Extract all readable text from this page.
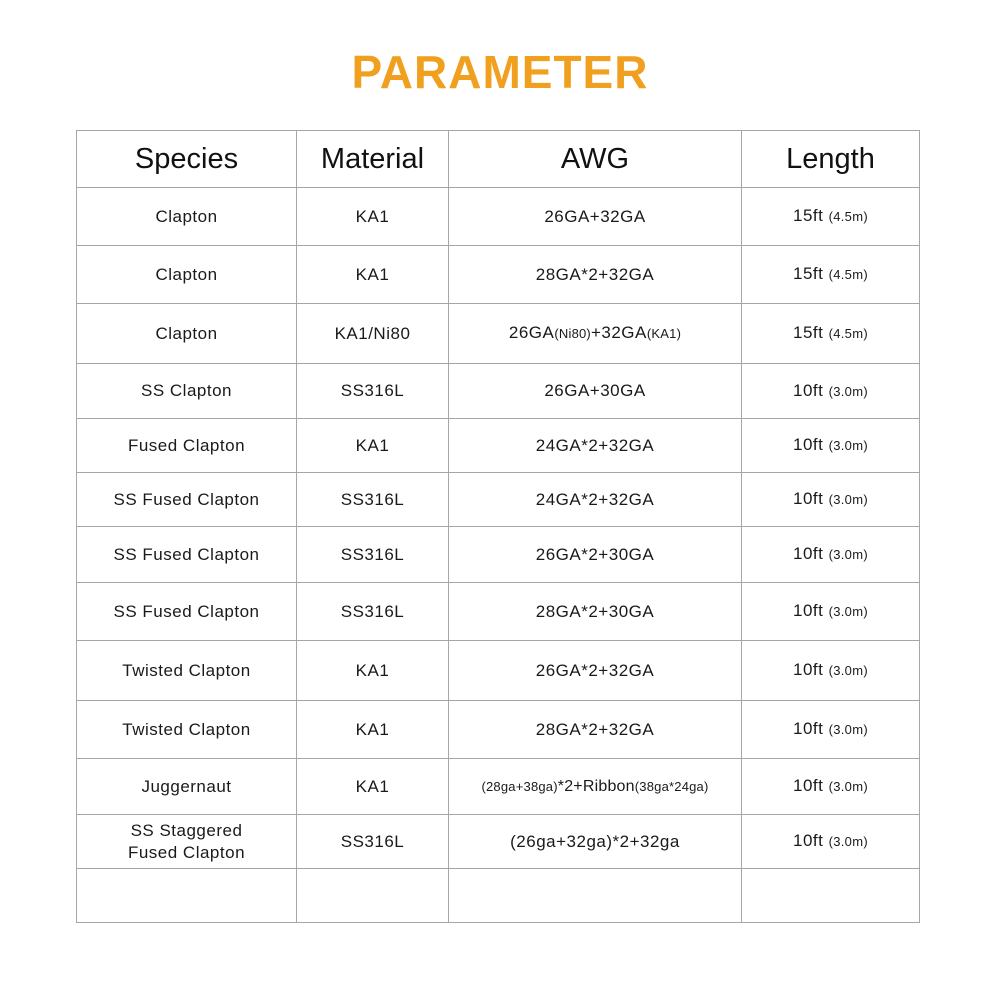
PARAMETER
Species	Material	AWG	Length
Clapton	KA1	26GA+32GA	15ft (4.5m)
Clapton	KA1	28GA*2+32GA	15ft (4.5m)
Clapton	KA1/Ni80	26GA(Ni80)+32GA(KA1)	15ft (4.5m)
SS Clapton	SS316L	26GA+30GA	10ft (3.0m)
Fused Clapton	KA1	24GA*2+32GA	10ft (3.0m)
SS Fused Clapton	SS316L	24GA*2+32GA	10ft (3.0m)
SS Fused Clapton	SS316L	26GA*2+30GA	10ft (3.0m)
SS Fused Clapton	SS316L	28GA*2+30GA	10ft (3.0m)
Twisted Clapton	KA1	26GA*2+32GA	10ft (3.0m)
Twisted Clapton	KA1	28GA*2+32GA	10ft (3.0m)
Juggernaut	KA1	(28ga+38ga)*2+Ribbon(38ga*24ga)	10ft (3.0m)

SS Staggered
Fused Clapton	SS316L	(26ga+32ga)*2+32ga	10ft (3.0m)
